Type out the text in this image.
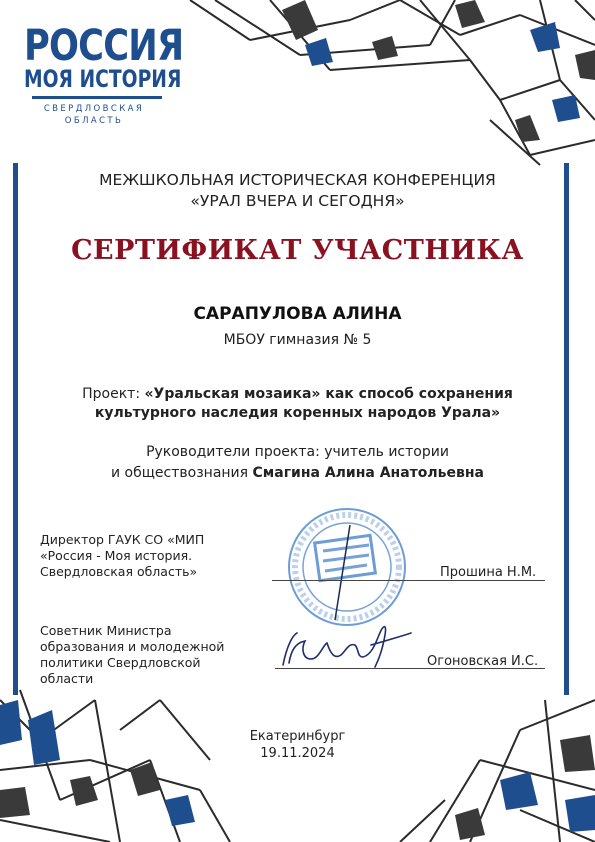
РОССИЯ
МОЯ ИСТОРИЯ
СВЕРДЛОВСКАЯ
ОБЛАСТЬ
МЕЖШКОЛЬНАЯ ИСТОРИЧЕСКАЯ КОНФЕРЕНЦИЯ
«УРАЛ ВЧЕРА И СЕГОДНЯ»
СЕРТИФИКАТ УЧАСТНИКА
САРАПУЛОВА АЛИНА
МБОУ гимназия № 5
Проект: «Уральская мозаика» как способ сохранения культурного наследия коренных народов Урала»
Руководители проекта: учитель истории
и обществознания Смагина Алина Анатольевна
Директор ГАУК СО «МИП
«Россия - Моя история.
Свердловская область»	Прошина Н.М.
Советник Министра
образования и молодежной
политики Свердловской
области
Огоновская И.С.
Екатеринбург
19.11.2024
